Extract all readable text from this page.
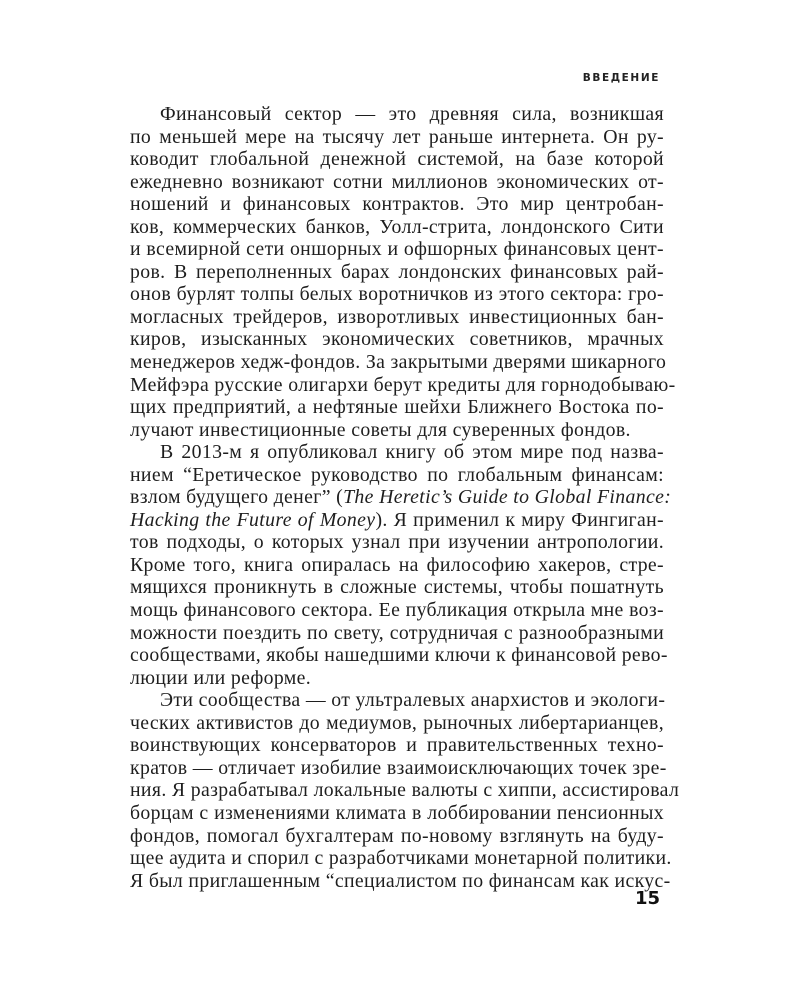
ВВЕДЕНИЕ
Финансовый сектор — это древняя сила, возникшая
по меньшей мере на тысячу лет раньше интернета. Он ру-
ководит глобальной денежной системой, на базе которой
ежедневно возникают сотни миллионов экономических от-
ношений и финансовых контрактов. Это мир центробан-
ков, коммерческих банков, Уолл-стрита, лондонского Сити
и всемирной сети оншорных и офшорных финансовых цент-
ров. В переполненных барах лондонских финансовых рай-
онов бурлят толпы белых воротничков из этого сектора: гро-
могласных трейдеров, изворотливых инвестиционных бан-
киров, изысканных экономических советников, мрачных
менеджеров хедж-фондов. За закрытыми дверями шикарного
Мейфэра русские олигархи берут кредиты для горнодобываю-
щих предприятий, а нефтяные шейхи Ближнего Востока по-
лучают инвестиционные советы для суверенных фондов.
В 2013-м я опубликовал книгу об этом мире под назва-
нием “Еретическое руководство по глобальным финансам:
взлом будущего денег” (The Heretic’s Guide to Global Finance:
Hacking the Future of Money). Я применил к миру Фингиган-
тов подходы, о которых узнал при изучении антропологии.
Кроме того, книга опиралась на философию хакеров, стре-
мящихся проникнуть в сложные системы, чтобы пошатнуть
мощь финансового сектора. Ее публикация открыла мне воз-
можности поездить по свету, сотрудничая с разнообразными
сообществами, якобы нашедшими ключи к финансовой рево-
люции или реформе.
Эти сообщества — от ультралевых анархистов и экологи-
ческих активистов до медиумов, рыночных либертарианцев,
воинствующих консерваторов и правительственных техно-
кратов — отличает изобилие взаимоисключающих точек зре-
ния. Я разрабатывал локальные валюты с хиппи, ассистировал
борцам с изменениями климата в лоббировании пенсионных
фондов, помогал бухгалтерам по-новому взглянуть на буду-
щее аудита и спорил с разработчиками монетарной политики.
Я был приглашенным “специалистом по финансам как искус-
15
